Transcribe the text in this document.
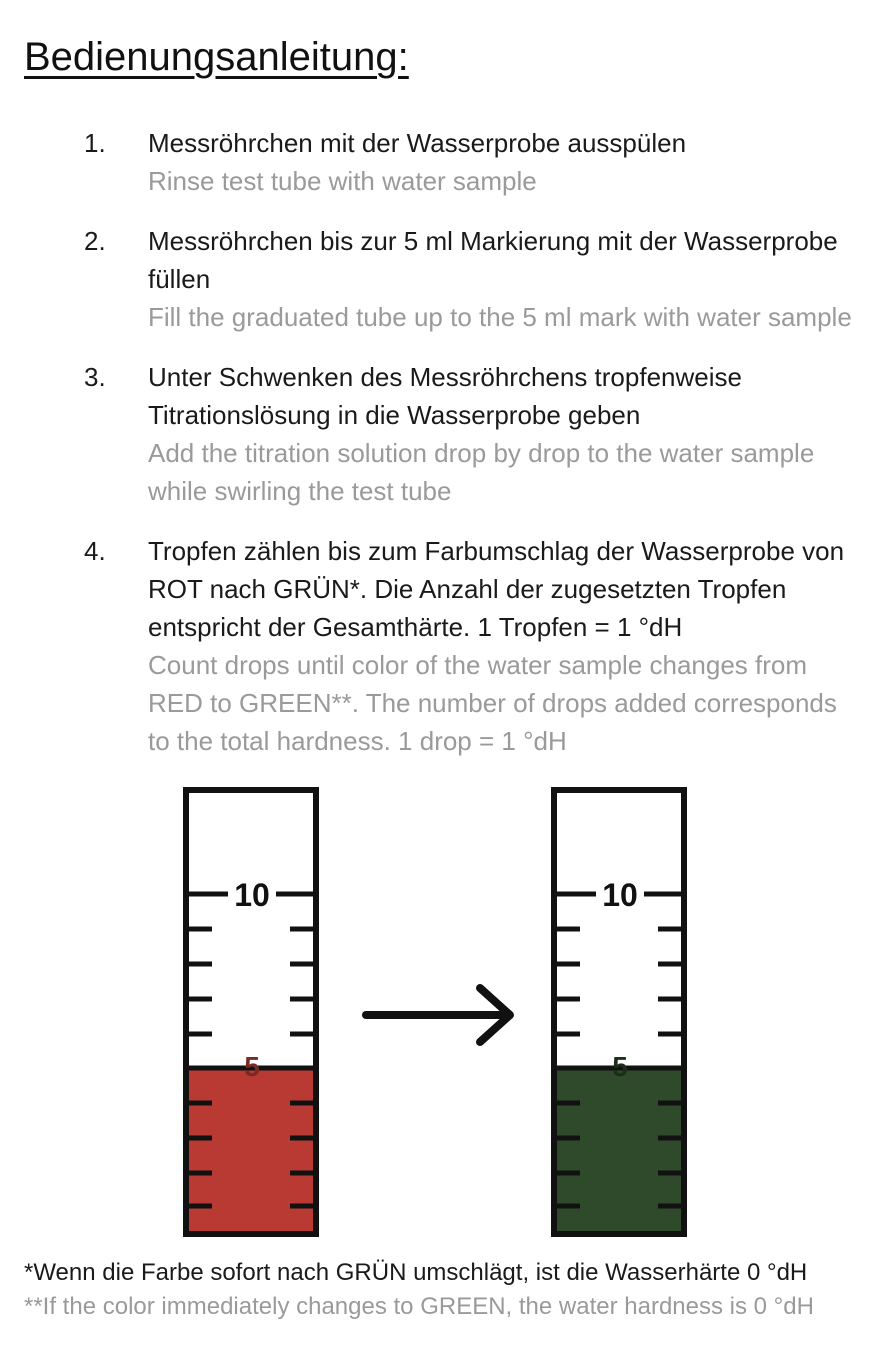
Bedienungsanleitung:
1. Messröhrchen mit der Wasserprobe ausspülen
Rinse test tube with water sample
2. Messröhrchen bis zur 5 ml Markierung mit der Wasserprobe füllen
Fill the graduated tube up to the 5 ml mark with water sample
3. Unter Schwenken des Messröhrchens tropfenweise Titrationslösung in die Wasserprobe geben
Add the titration solution drop by drop to the water sample while swirling the test tube
4. Tropfen zählen bis zum Farbumschlag der Wasserprobe von ROT nach GRÜN*. Die Anzahl der zugesetzten Tropfen entspricht der Gesamthärte. 1 Tropfen = 1 °dH
Count drops until color of the water sample changes from RED to GREEN**. The number of drops added corresponds to the total hardness. 1 drop = 1 °dH
10
5
10
5
*Wenn die Farbe sofort nach GRÜN umschlägt, ist die Wasserhärte 0 °dH
**If the color immediately changes to GREEN, the water hardness is 0 °dH
